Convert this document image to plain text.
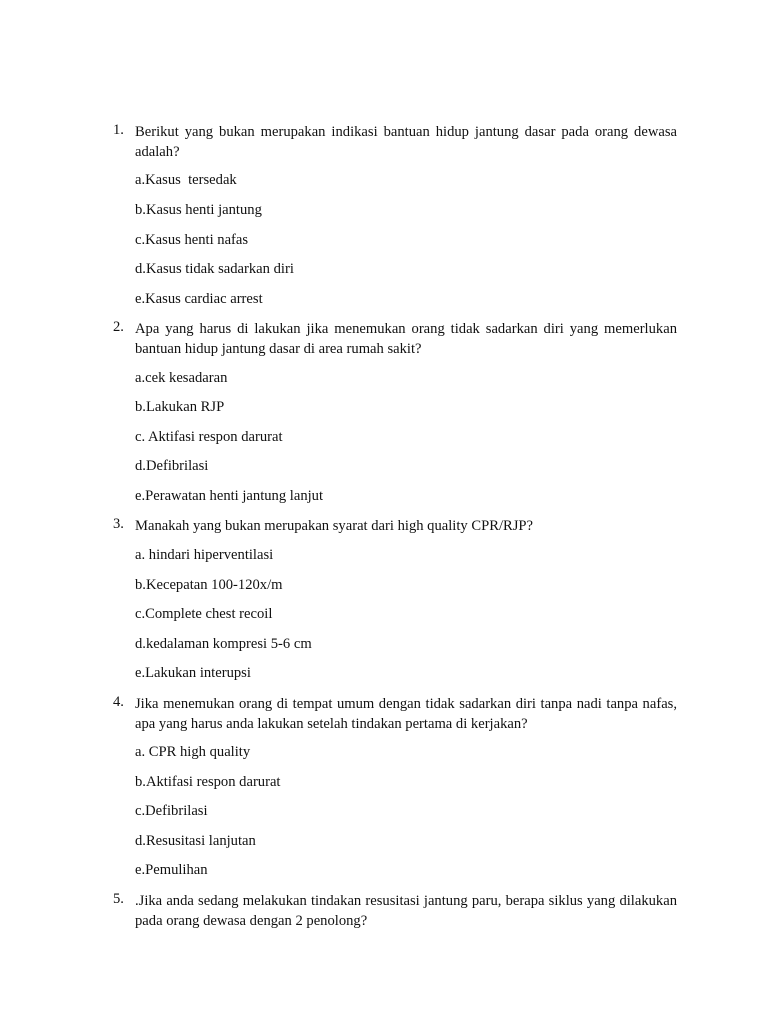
1. Berikut yang bukan merupakan indikasi bantuan hidup jantung dasar pada orang dewasa adalah?
a.Kasus  tersedak
b.Kasus henti jantung
c.Kasus henti nafas
d.Kasus tidak sadarkan diri
e.Kasus cardiac arrest
2. Apa yang harus di lakukan jika menemukan orang tidak sadarkan diri yang memerlukan bantuan hidup jantung dasar di area rumah sakit?
a.cek kesadaran
b.Lakukan RJP
c. Aktifasi respon darurat
d.Defibrilasi
e.Perawatan henti jantung lanjut
3. Manakah yang bukan merupakan syarat dari high quality CPR/RJP?
a. hindari hiperventilasi
b.Kecepatan 100-120x/m
c.Complete chest recoil
d.kedalaman kompresi 5-6 cm
e.Lakukan interupsi
4. Jika menemukan orang di tempat umum dengan tidak sadarkan diri tanpa nadi tanpa nafas, apa yang harus anda lakukan setelah tindakan pertama di kerjakan?
a. CPR high quality
b.Aktifasi respon darurat
c.Defibrilasi
d.Resusitasi lanjutan
e.Pemulihan
5. .Jika anda sedang melakukan tindakan resusitasi jantung paru, berapa siklus yang dilakukan pada orang dewasa dengan 2 penolong?
